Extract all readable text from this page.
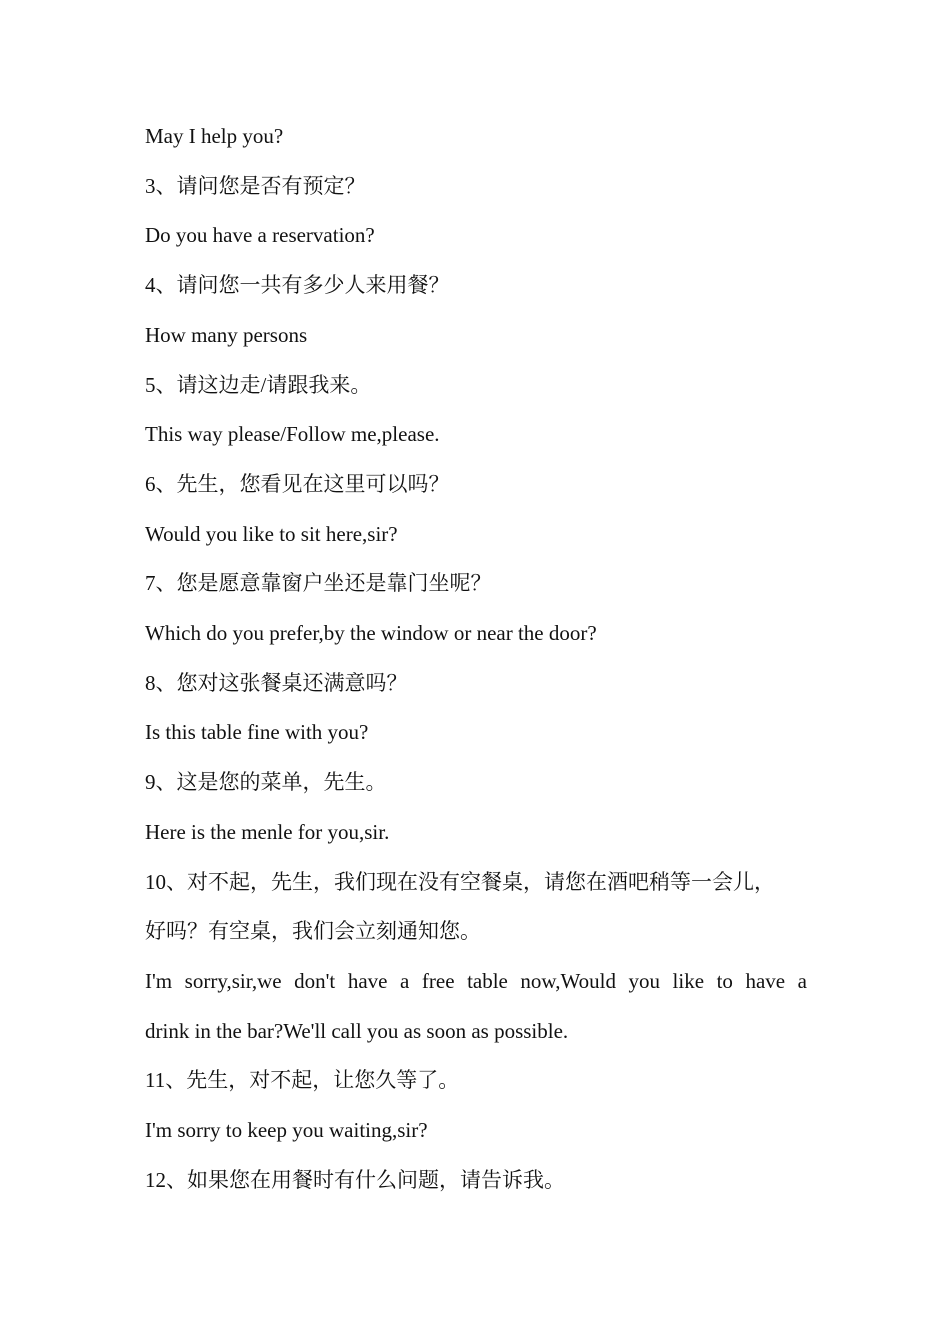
May I help you?

3、请问您是否有预定？

Do you have a reservation?

4、请问您一共有多少人来用餐？

How many persons

5、请这边走/请跟我来。

This way please/Follow me,please.

6、先生，您看见在这里可以吗？

Would you like to sit here,sir?

7、您是愿意靠窗户坐还是靠门坐呢？

Which do you prefer,by the window or near the door?

8、您对这张餐桌还满意吗？

Is this table fine with you?

9、这是您的菜单，先生。

Here is the menle for you,sir.

10、对不起，先生，我们现在没有空餐桌，请您在酒吧稍等一会儿，

好吗？有空桌，我们会立刻通知您。

I'm sorry,sir,we don't have a free table now,Would you like to have a

drink in the bar?We'll call you as soon as possible.

11、先生，对不起，让您久等了。

I'm sorry to keep you waiting,sir?

12、如果您在用餐时有什么问题，请告诉我。
